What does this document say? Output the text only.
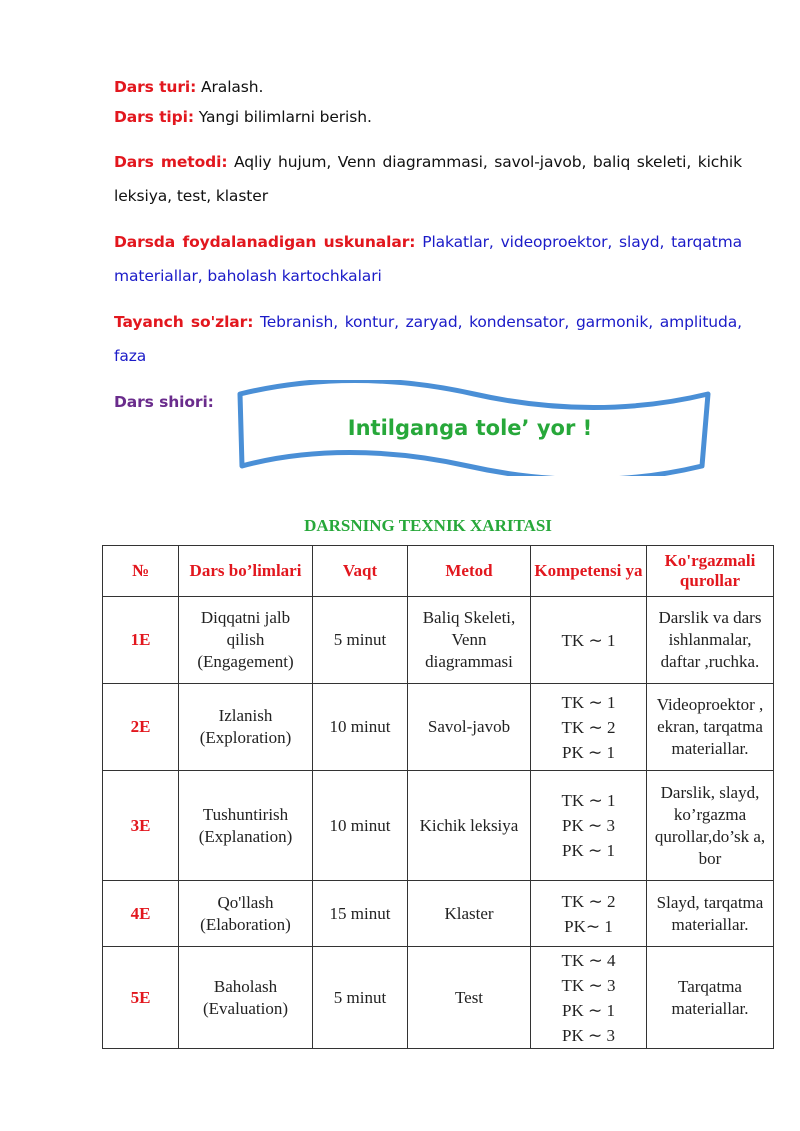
Dars turi: Aralash.
Dars tipi: Yangi bilimlarni berish.
Dars metodi: Aqliy hujum, Venn diagrammasi, savol-javob, baliq skeleti, kichik
leksiya, test, klaster
Darsda foydalanadigan uskunalar: Plakatlar, videoproektor, slayd, tarqatma
materiallar, baholash kartochkalari
Tayanch so'zlar: Tebranish, kontur, zaryad, kondensator, garmonik, amplituda,
faza
Dars shiori:
Intilganga tole’ yor !
DARSNING TEXNIK XARITASI
№	Dars bo’limlari	Vaqt	Metod	Kompetensi ya	Ko'rgazmali qurollar
1E	Diqqatni jalb qilish (Engagement)	5 minut	Baliq Skeleti, Venn diagrammasi	TK ∼ 1	Darslik va dars ishlanmalar, daftar ,ruchka.
2E	Izlanish (Exploration)	10 minut	Savol-javob	TK ∼ 1
TK ∼ 2
PK ∼ 1	Videoproektor , ekran, tarqatma materiallar.
3E	Tushuntirish (Explanation)	10 minut	Kichik leksiya	TK ∼ 1
PK ∼ 3
PK ∼ 1	Darslik, slayd, ko’rgazma qurollar,do’sk a, bor
4E	Qo'llash (Elaboration)	15 minut	Klaster	TK ∼ 2
PK∼ 1	Slayd, tarqatma materiallar.
5E	Baholash (Evaluation)	5 minut	Test	TK ∼ 4
TK ∼ 3
PK ∼ 1
PK ∼ 3	Tarqatma materiallar.
